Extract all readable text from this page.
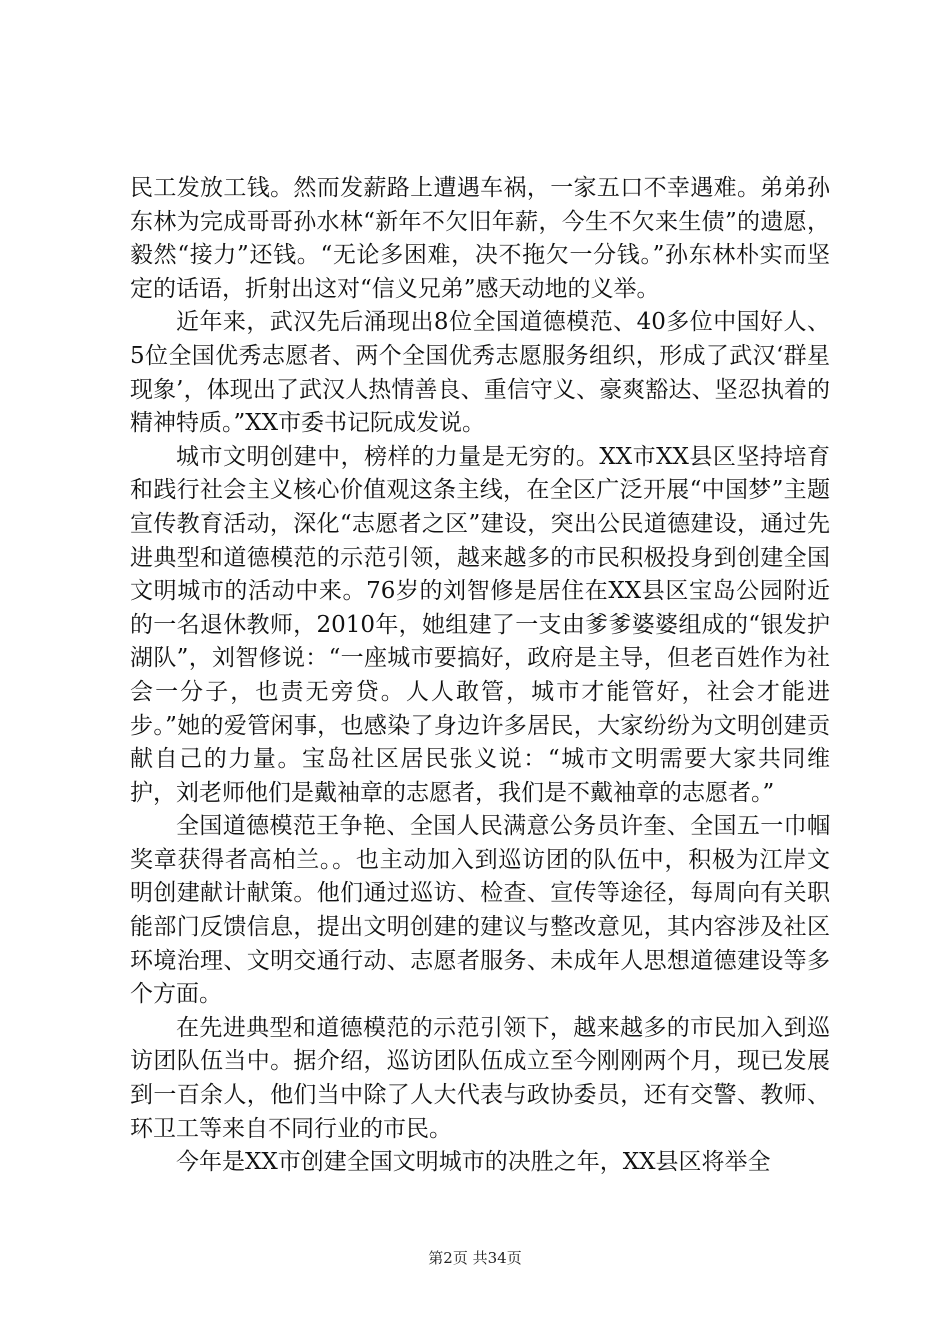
民工发放工钱。然而发薪路上遭遇车祸，一家五口不幸遇难。弟弟孙东林为完成哥哥孙水林“新年不欠旧年薪，今生不欠来生债”的遗愿，毅然“接力”还钱。“无论多困难，决不拖欠一分钱。”孙东林朴实而坚定的话语，折射出这对“信义兄弟”感天动地的义举。

近年来，武汉先后涌现出8位全国道德模范、40多位中国好人、5位全国优秀志愿者、两个全国优秀志愿服务组织，形成了武汉‘群星现象’，体现出了武汉人热情善良、重信守义、豪爽豁达、坚忍执着的精神特质。”XX市委书记阮成发说。

城市文明创建中，榜样的力量是无穷的。XX市XX县区坚持培育和践行社会主义核心价值观这条主线，在全区广泛开展“中国梦”主题宣传教育活动，深化“志愿者之区”建设，突出公民道德建设，通过先进典型和道德模范的示范引领，越来越多的市民积极投身到创建全国文明城市的活动中来。76岁的刘智修是居住在XX县区宝岛公园附近的一名退休教师，2010年，她组建了一支由爹爹婆婆组成的“银发护湖队”，刘智修说：“一座城市要搞好，政府是主导，但老百姓作为社会一分子，也责无旁贷。人人敢管，城市才能管好，社会才能进步。”她的爱管闲事，也感染了身边许多居民，大家纷纷为文明创建贡献自己的力量。宝岛社区居民张义说：“城市文明需要大家共同维护，刘老师他们是戴袖章的志愿者，我们是不戴袖章的志愿者。”

全国道德模范王争艳、全国人民满意公务员许奎、全国五一巾帼奖章获得者高柏兰。。也主动加入到巡访团的队伍中，积极为江岸文明创建献计献策。他们通过巡访、检查、宣传等途径，每周向有关职能部门反馈信息，提出文明创建的建议与整改意见，其内容涉及社区环境治理、文明交通行动、志愿者服务、未成年人思想道德建设等多个方面。

在先进典型和道德模范的示范引领下，越来越多的市民加入到巡访团队伍当中。据介绍，巡访团队伍成立至今刚刚两个月，现已发展到一百余人，他们当中除了人大代表与政协委员，还有交警、教师、环卫工等来自不同行业的市民。

今年是XX市创建全国文明城市的决胜之年，XX县区将举全

第2页 共34页
